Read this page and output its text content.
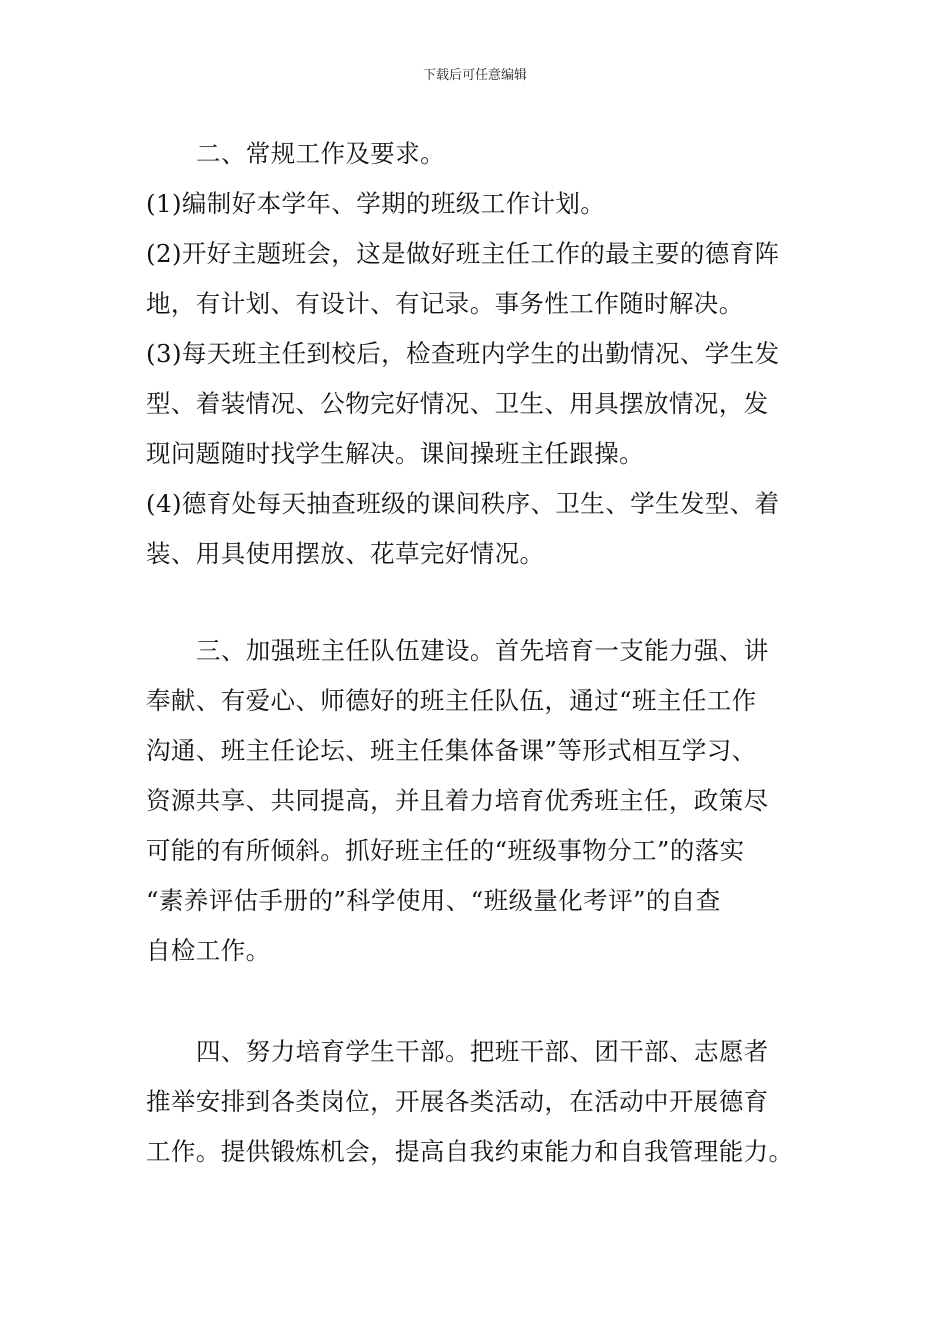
下载后可任意编辑
二、常规工作及要求。
(1)编制好本学年、学期的班级工作计划。
(2)开好主题班会，这是做好班主任工作的最主要的德育阵
地，有计划、有设计、有记录。事务性工作随时解决。
(3)每天班主任到校后，检查班内学生的出勤情况、学生发
型、着装情况、公物完好情况、卫生、用具摆放情况，发
现问题随时找学生解决。课间操班主任跟操。
(4)德育处每天抽查班级的课间秩序、卫生、学生发型、着
装、用具使用摆放、花草完好情况。
三、加强班主任队伍建设。首先培育一支能力强、讲
奉献、有爱心、师德好的班主任队伍，通过“班主任工作
沟通、班主任论坛、班主任集体备课”等形式相互学习、
资源共享、共同提高，并且着力培育优秀班主任，政策尽
可能的有所倾斜。抓好班主任的“班级事物分工”的落实
“素养评估手册的”科学使用、“班级量化考评”的自查
自检工作。
四、努力培育学生干部。把班干部、团干部、志愿者
推举安排到各类岗位，开展各类活动，在活动中开展德育
工作。提供锻炼机会，提高自我约束能力和自我管理能力。
